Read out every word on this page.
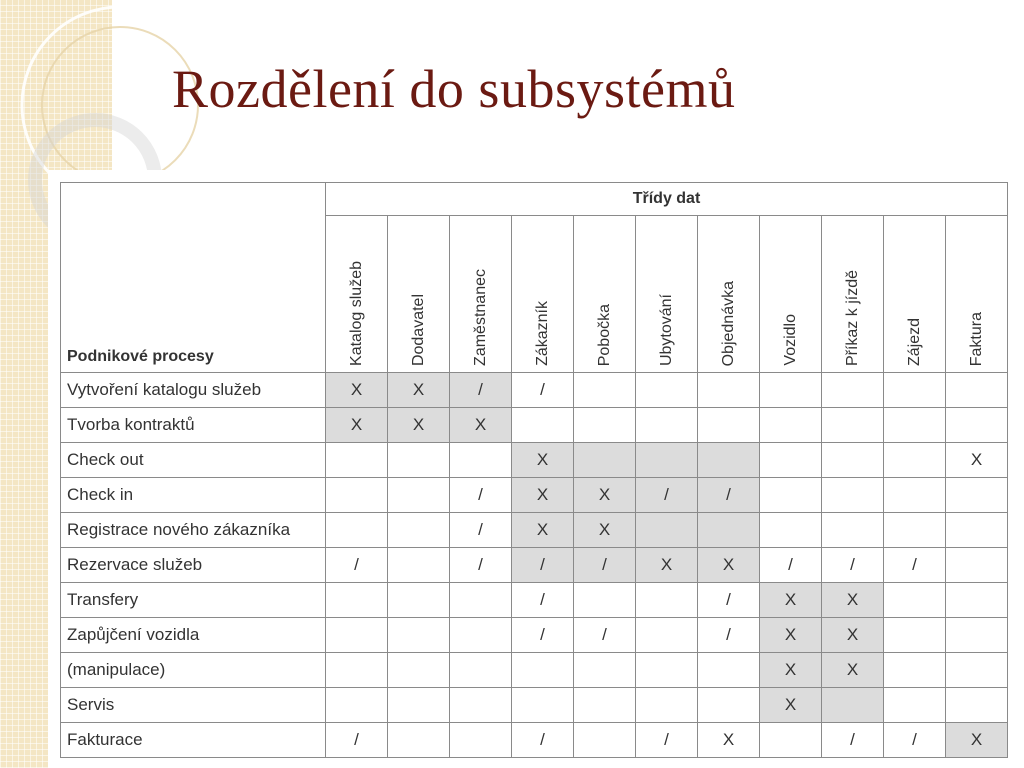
Rozdělení do subsystémů
Podnikové procesy	Třídy dat										

	Katalog služeb	Dodavatel	Zaměstnanec	Zákazník	Pobočka	Ubytování	Objednávka	Vozidlo	Příkaz k jízdě	Zájezd	Faktura

Vytvoření katalogu služeb	X	X	/	/							
Tvorba kontraktů	X	X	X								
Check out				X							X
Check in			/	X	X	/	/				
Registrace nového zákazníka			/	X	X						
Rezervace služeb	/		/	/	/	X	X	/	/	/	
Transfery				/			/	X	X		
Zapůjčení vozidla				/	/		/	X	X		
(manipulace)								X	X		
Servis								X			
Fakturace	/			/		/	X		/	/	X
